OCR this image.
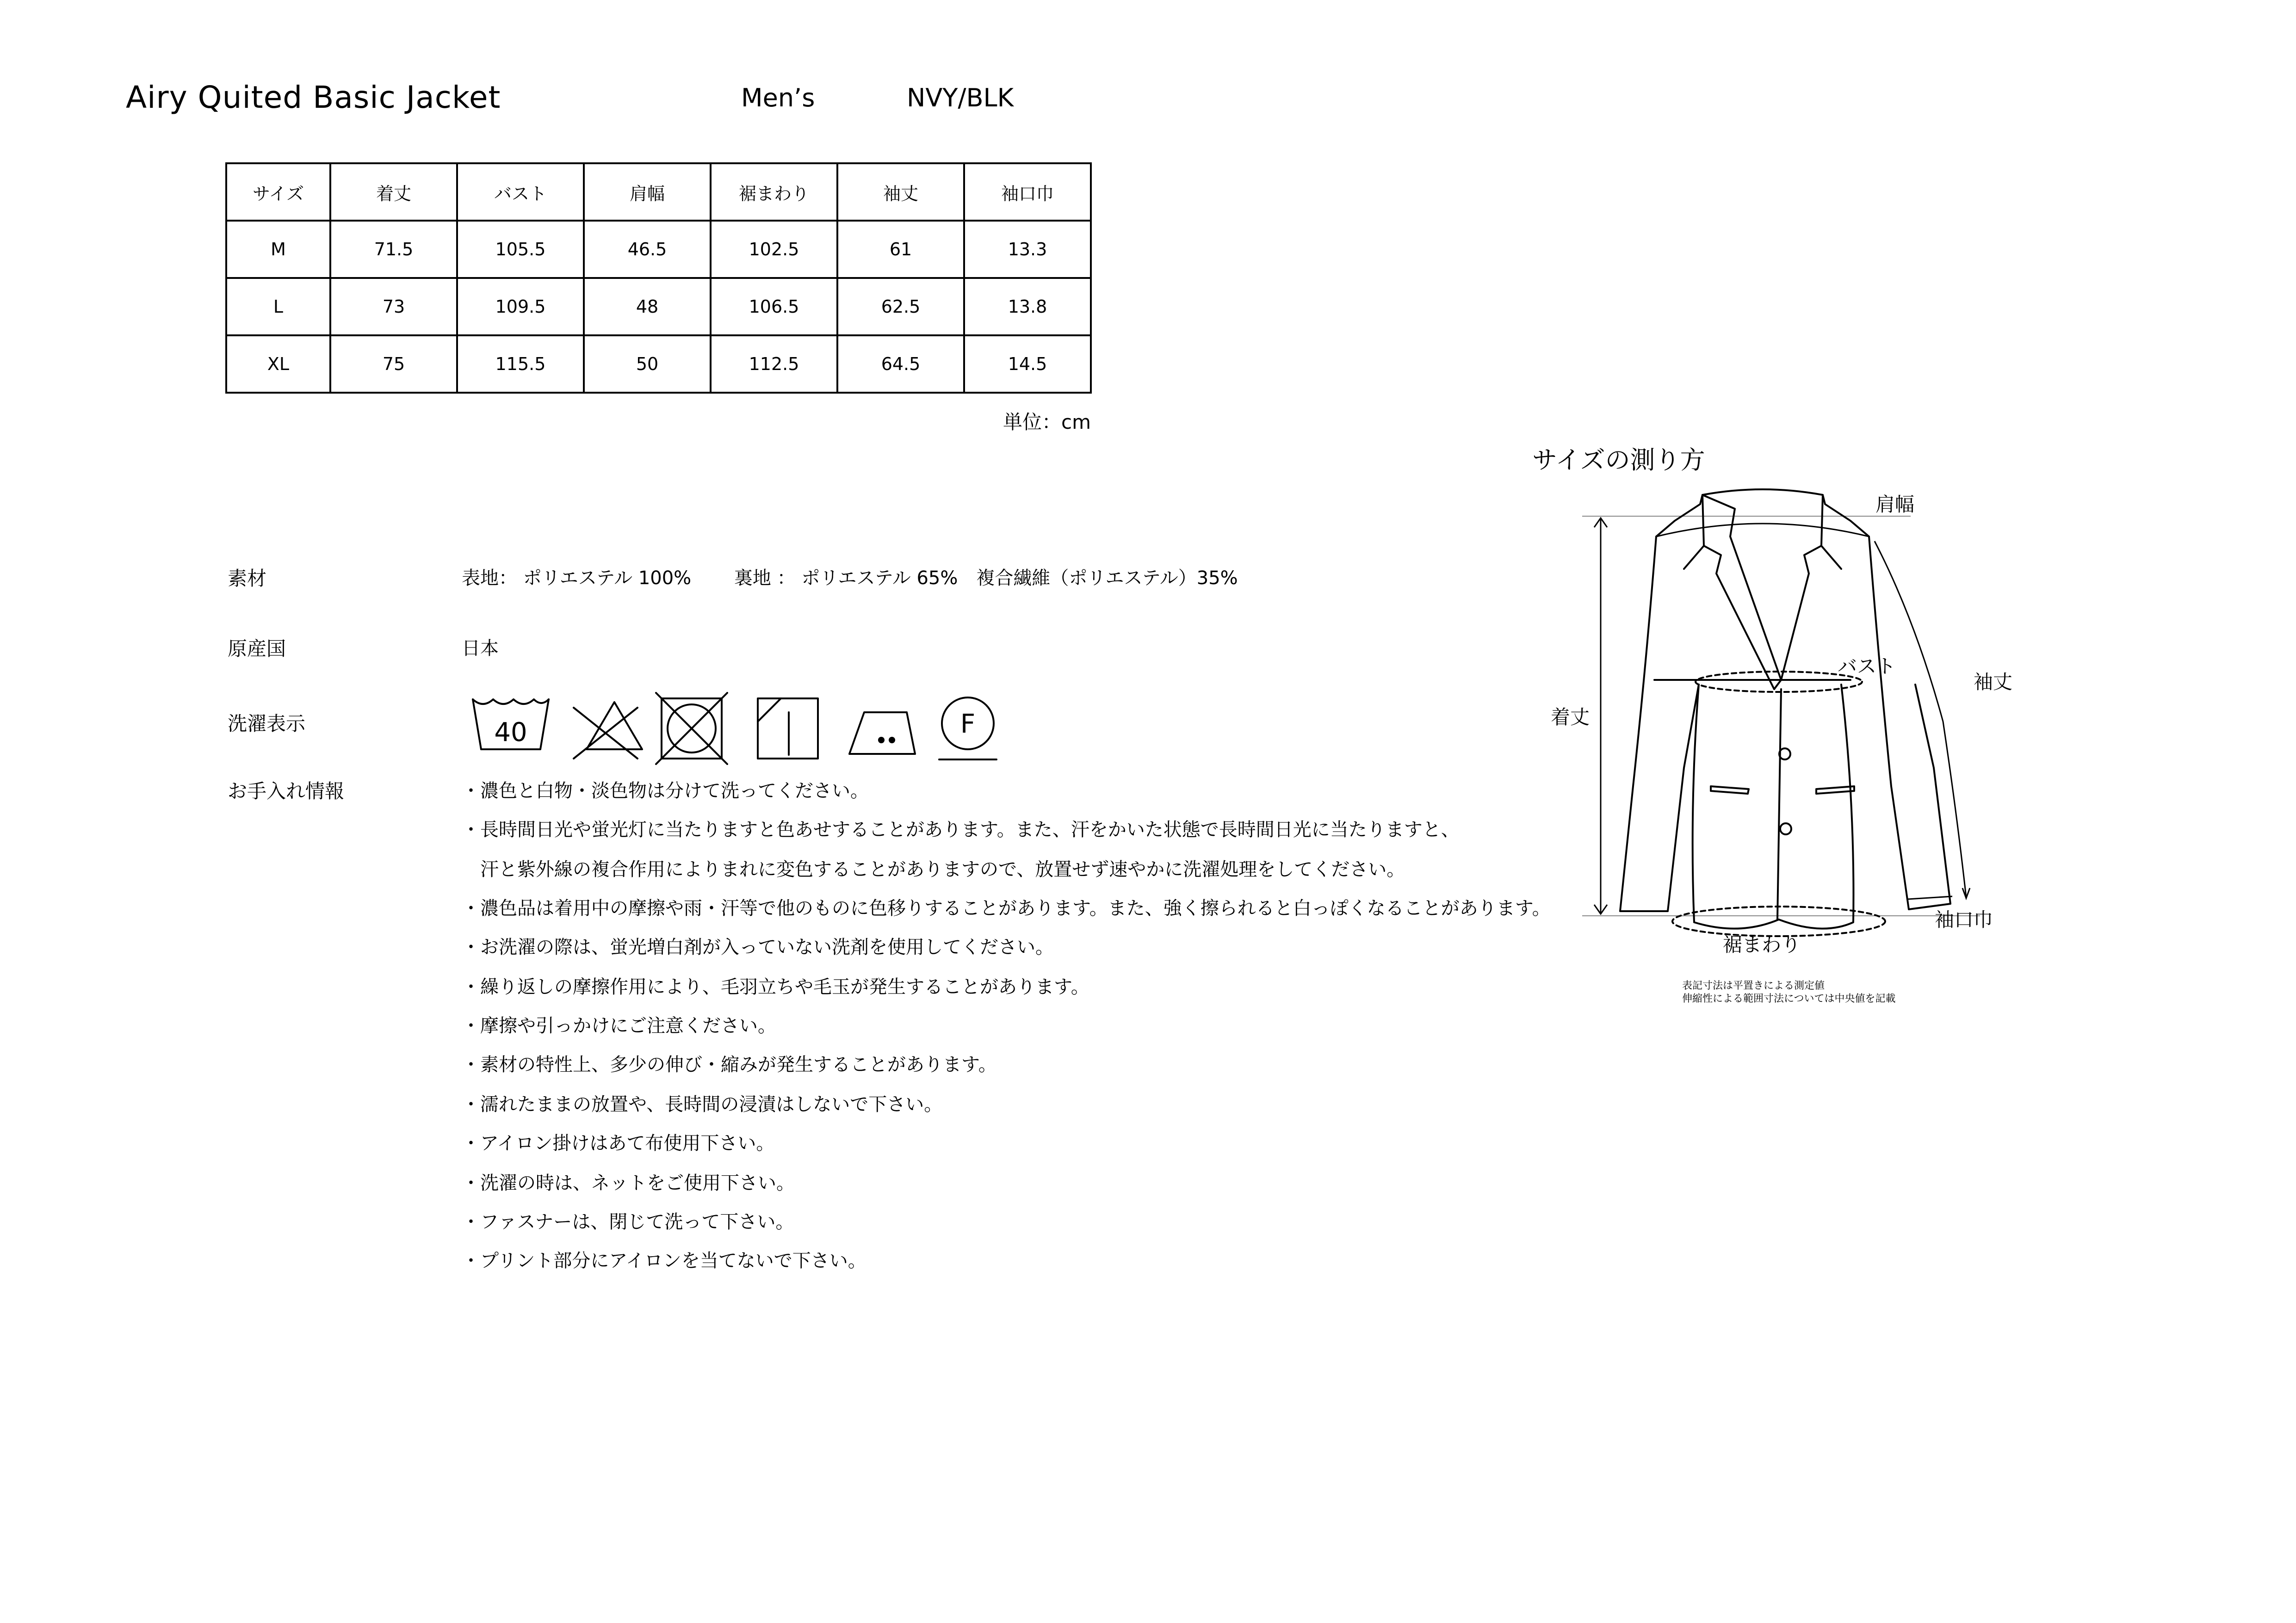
Airy Quited Basic Jacket	Men’s	NVY/BLK
サイズ	着丈	バスト	肩幅	裾まわり	袖丈	袖口巾
M	71.5	105.5	46.5	102.5	61	13.3
L	73	109.5	48	106.5	62.5	13.8
XL	75	115.5	50	112.5	64.5	14.5
単位：cm
素材	表地： ポリエステル 100%　　 裏地 ： ポリエステル 65%　複合繊維（ポリエステル）35%
原産国	日本
洗濯表示	40	F
お手入れ情報	・濃色と白物・淡色物は分けて洗ってください。
・長時間日光や蛍光灯に当たりますと色あせすることがあります。また、汗をかいた状態で長時間日光に当たりますと、
　汗と紫外線の複合作用によりまれに変色することがありますので、放置せず速やかに洗濯処理をしてください。
・濃色品は着用中の摩擦や雨・汗等で他のものに色移りすることがあります。また、強く擦られると白っぽくなることがあります。
・お洗濯の際は、蛍光増白剤が入っていない洗剤を使用してください。
・繰り返しの摩擦作用により、毛羽立ちや毛玉が発生することがあります。
・摩擦や引っかけにご注意ください。
・素材の特性上、多少の伸び・縮みが発生することがあります。
・濡れたままの放置や、長時間の浸漬はしないで下さい。
・アイロン掛けはあて布使用下さい。
・洗濯の時は、ネットをご使用下さい。
・ファスナーは、閉じて洗って下さい。
・プリント部分にアイロンを当てないで下さい。
サイズの測り方
肩幅
バスト
着丈
袖丈
裾まわり
袖口巾
表記寸法は平置きによる測定値
伸縮性による範囲寸法については中央値を記載
